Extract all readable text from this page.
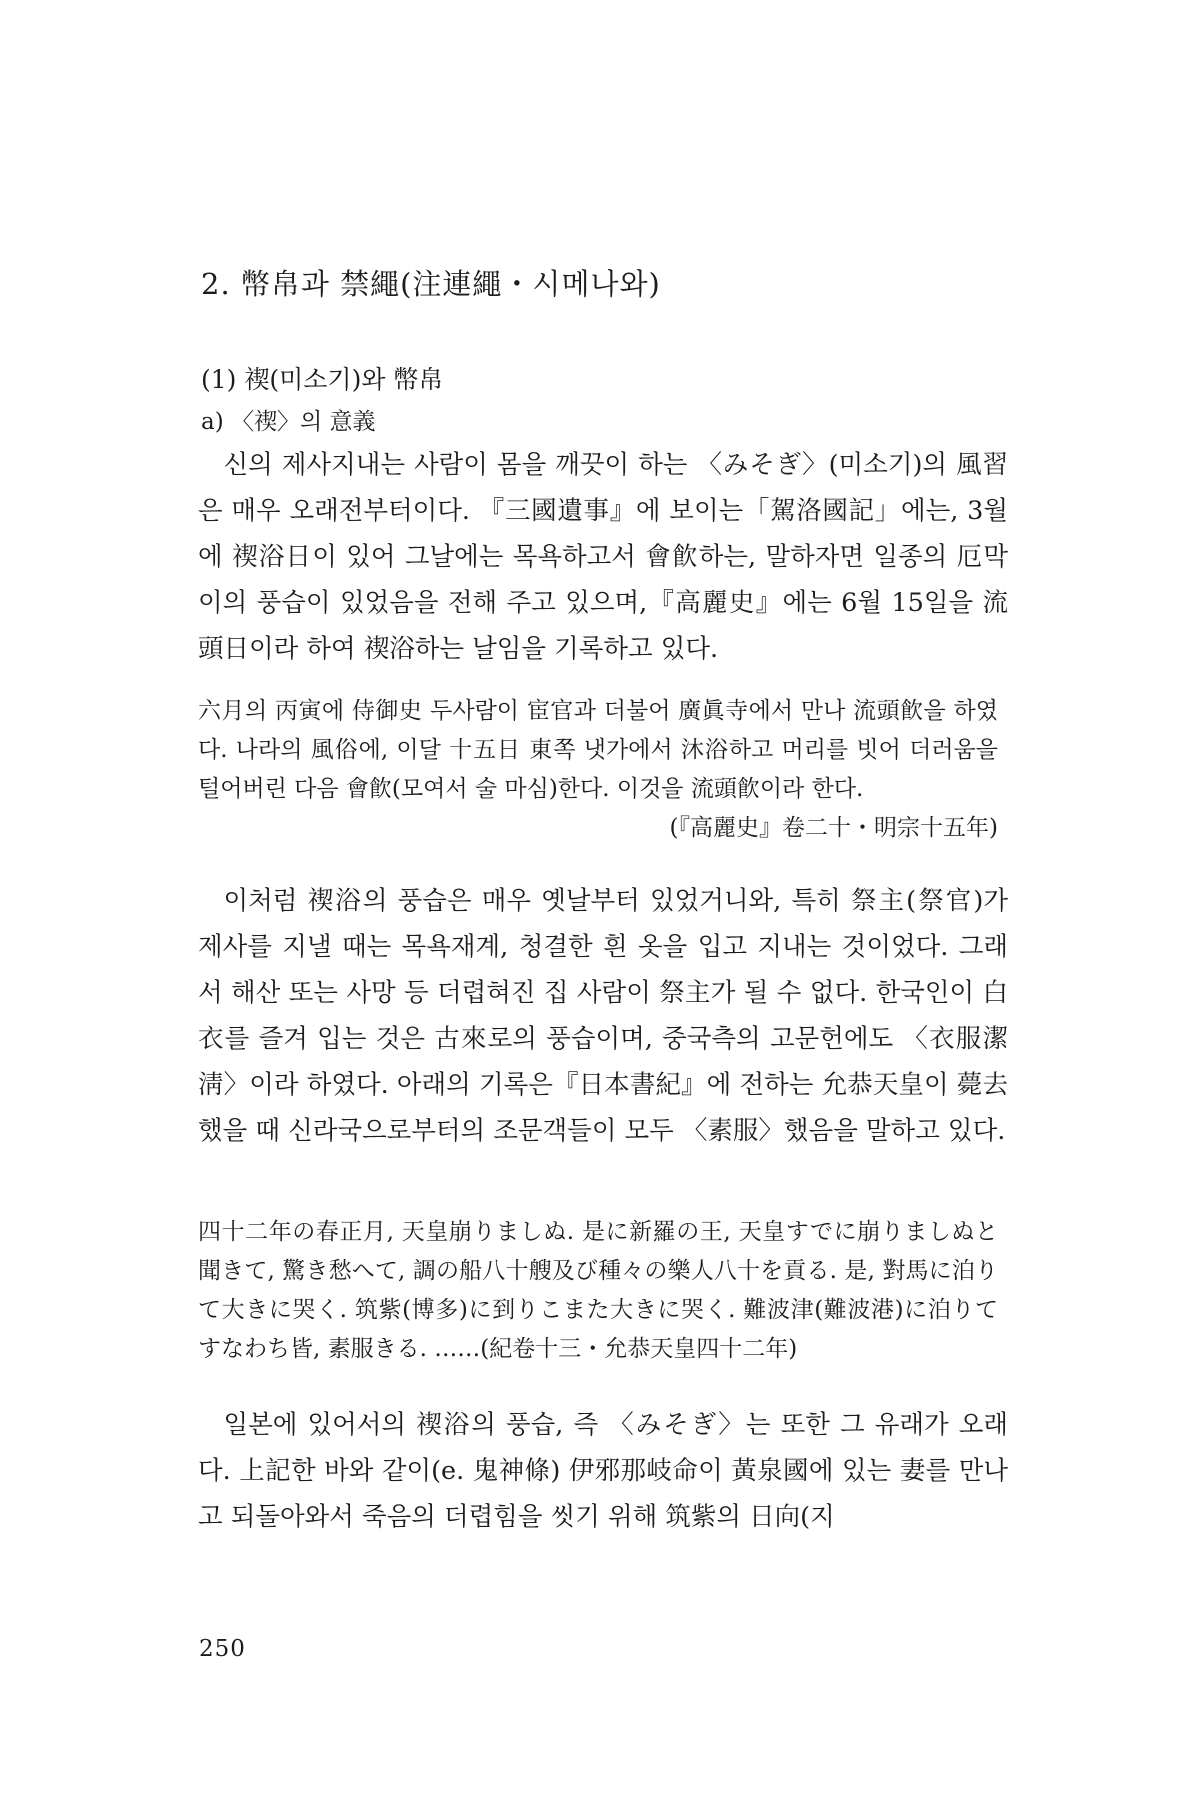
2. 幣帛과 禁繩(注連繩・시메나와)
(1) 禊(미소기)와 幣帛
a) 〈禊〉의 意義

신의 제사지내는 사람이 몸을 깨끗이 하는 〈みそぎ〉(미소기)의 風習은 매우 오래전부터이다. 『三國遺事』에 보이는「駕洛國記」에는, 3월에 禊浴日이 있어 그날에는 목욕하고서 會飮하는, 말하자면 일종의 厄막이의 풍습이 있었음을 전해 주고 있으며,『高麗史』에는 6월 15일을 流頭日이라 하여 禊浴하는 날임을 기록하고 있다.

六月의 丙寅에 侍御史 두사람이 宦官과 더불어 廣眞寺에서 만나 流頭飮을 하였다. 나라의 風俗에, 이달 十五日 東쪽 냇가에서 沐浴하고 머리를 빗어 더러움을 털어버린 다음 會飮(모여서 술 마심)한다. 이것을 流頭飮이라 한다.
(『高麗史』卷二十・明宗十五年)

이처럼 禊浴의 풍습은 매우 옛날부터 있었거니와, 특히 祭主(祭官)가 제사를 지낼 때는 목욕재계, 청결한 흰 옷을 입고 지내는 것이었다. 그래서 해산 또는 사망 등 더렵혀진 집 사람이 祭主가 될 수 없다. 한국인이 白衣를 즐겨 입는 것은 古來로의 풍습이며, 중국측의 고문헌에도 〈衣服潔淸〉이라 하였다. 아래의 기록은『日本書紀』에 전하는 允恭天皇이 薨去했을 때 신라국으로부터의 조문객들이 모두 〈素服〉했음을 말하고 있다.

四十二年の春正月, 天皇崩りましぬ. 是に新羅の王, 天皇すでに崩りましぬと聞きて, 驚き愁へて, 調の船八十艘及び種々の樂人八十を貢る. 是, 對馬に泊りて大きに哭く. 筑紫(博多)に到りこまた大きに哭く. 難波津(難波港)に泊りてすなわち皆, 素服きる. ……(紀卷十三・允恭天皇四十二年)

일본에 있어서의 禊浴의 풍습, 즉 〈みそぎ〉는 또한 그 유래가 오래다. 上記한 바와 같이(e. 鬼神條) 伊邪那岐命이 黃泉國에 있는 妻를 만나고 되돌아와서 죽음의 더렵힘을 씻기 위해 筑紫의 日向(지

250
